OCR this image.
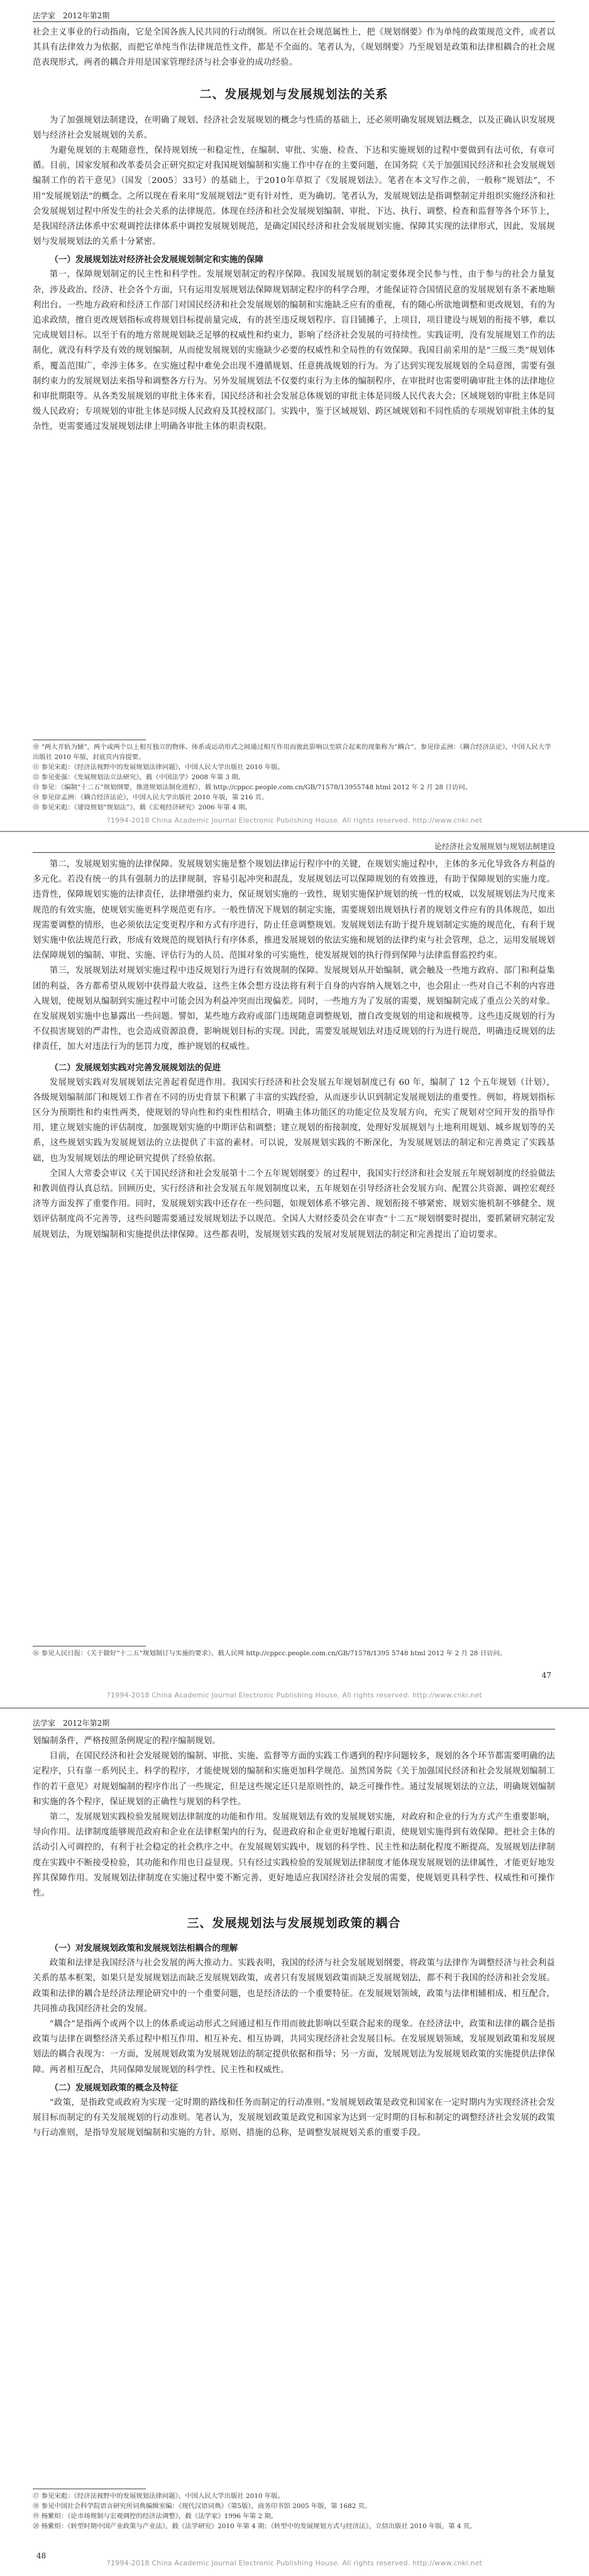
法学家　 2012年第2期

社会主义事业的行动指南，它是全国各族人民共同的行动纲领。所以在社会规范属性上，把《规划纲要》作为单纯的政策规范文件，或者以其具有法律效力为依据，而把它单纯当作法律规范性文件，都是不全面的。笔者认为，《规划纲要》乃至规划是政策和法律相耦合的社会规范表现形式，两者的耦合并用是国家管理经济与社会事业的成功经验。

二、发展规划与发展规划法的关系

为了加强规划法制建设，在明确了规划、经济社会发展规划的概念与性质的基础上，还必须明确发展规划法概念，以及正确认识发展规划与经济社会发展规划的关系。

为避免规划的主观随意性，保持规划统一和稳定性，在编制、审批、实施、检查、下达和实施规划的过程中要做到有法可依，有章可循。目前，国家发展和改革委员会正研究拟定对我国规划编制和实施工作中存在的主要问题，在国务院《关于加强国民经济和社会发展规划编制工作的若干意见》（国发〔2005〕33号）的基础上，于2010年草拟了《发展规划法》。笔者在本文写作之前，一般称“规划法”，不用“发展规划法”的概念。之所以现在看来用“发展规划法”更有针对性，更为确切。笔者认为，发展规划法是指调整制定并组织实施经济和社会发展规划过程中所发生的社会关系的法律规范。体现在经济和社会发展规划编制、审批、下达、执行、调整、检查和监督等各个环节上，是我国经济法体系中宏观调控法律体系中调控发展规划规范，是确定国民经济和社会发展规划实施、保障其实现的法律形式，因此，发展规划与发展规划法的关系十分紧密。

（一）发展规划法对经济社会发展规划制定和实施的保障

第一，保障规划制定的民主性和科学性。发展规划制定的程序保障。我国发展规划的制定要体现全民参与性，由于参与的社会力量复杂，涉及政治、经济、社会各个方面，只有运用发展规划法保障规划制定程序的科学合理，才能保证符合国情民意的发展规划有条不紊地顺利出台。一些地方政府和经济工作部门对国民经济和社会发展规划的编制和实施缺乏应有的重视，有的随心所欲地调整和更改规划，有的为追求政绩，擅自更改规划指标或将规划目标提前量完成，有的甚至违反规划程序、盲目铺摊子，上项目，项目建设与规划的衔接不够，难以完成规划目标。以至于有的地方常规规划缺乏足够的权威性和约束力，影响了经济社会发展的可持续性。实践证明，没有发展规划工作的法制化，就没有科学及有效的规划编制，从而使发展规划的实施缺少必要的权威性和全局性的有效保障。我国目前采用的是“三级三类”规划体系，覆盖范围广，牵涉主体多。在实施过程中难免会出现不遵循规划、任意挑战规划的行为。为了达到实现发展规划的全局意图，需要有强制约束力的发展规划法来指导和调整各方行为。另外发展规划法不仅要约束行为主体的编制程序，在审批时也需要明确审批主体的法律地位和审批期限等。从各类发展规划的审批主体来看，国民经济和社会发展总体规划的审批主体是同级人民代表大会；区域规划的审批主体是同级人民政府；专项规划的审批主体是同级人民政府及其授权部门。实践中，鉴于区域规划、跨区域规划和不同性质的专项规划审批主体的复杂性，更需要通过发展规划法律上明确各审批主体的职责权限。

⑩ “两大并轨为辅”，两个或两个以上相互独立的物体、体系或运动形式之间通过相互作用而彼此影响以至联合起来的现象称为“耦合”。参见徐孟洲：《耦合经济法论》，中国人民大学出版社 2010 年版，封底页内容提要。
⑪ 参见宋彪：《经济法视野中的发展规划法律问题》，中国人民大学出版社 2010 年版。
⑫ 参见张强：《发展规划法立法研究》，载《中国法学》2008 年第 3 期。
⑬ 参见：《编制“十二五”规划纲要，推进规划法制化进程》，载 http://cppcc.people.com.cn/GB/71578/13955748 html 2012 年 2 月 28 日访问。
⑭ 参见徐孟洲：《耦合经济法论》，中国人民大学出版社 2010 年版，第 216 页。
⑮ 参见宋彪：《建设规划“规划法”》，载《宏观经济研究》2006 年第 4 期。
?1994-2018 China Academic Journal Electronic Publishing House. All rights reserved. http://www.cnki.net
论经济社会发展规划与规划法制建设

第二，发展规划实施的法律保障。发展规划实施是整个规划法律运行程序中的关键，在规划实施过程中，主体的多元化导致各方利益的多元化。若没有统一的具有强制力的法律规制，容易引起冲突和混乱，发展规划法可以保障规划的有效推进，有助于保障规划的实施力度。违背性，保障规划实施的法律责任，法律增强约束力，保证规划实施的一致性，规划实施保护规划的统一性的权威，以发展规划法为尺度来规范的有效实施，使规划实施更科学规范更有序。一般性情况下规划的制定实施，需要规划出规划执行者的规划文件应有的具体规范，如出现需要调整的情形，也必须依法定变更程序和方式有序进行，防止任意调整规划。发展规划法有助于提升规划制定实施的规范化，有利于规划实施中依法规范行政，形成有效规范的规划执行有序体系，推进发展规划的依法实施和规划的法律约束与社会管理，总之，运用发展规划法保障规划的编制、审批、实施、评估行为的人员、范围对象的可实施性，使发展规划的执行得到保障与法律监督监控约束。

第三，发展规划法对规划实施过程中违反规划行为进行有效规制的保障。发展规划从开始编制，就会触及一些地方政府、部门和利益集团的利益，各方都希望从规划中获得最大收益，这些主体会想方设法将有利于自身的内容纳入规划之中，也会阻止一些对自己不利的内容进入规划，使规划从编制到实施过程中可能会因为利益冲突而出现偏差。同时，一些地方为了发展的需要，规划编制完成了重点公关的对象。在发展规划实施中也暴露出一些问题。譬如，某些地方政府或部门违规随意调整规划，擅自改变规划的用途和规模等。这些违反规划的行为不仅损害规划的严肃性，也会造成资源浪费，影响规划目标的实现。因此，需要发展规划法对违反规划的行为进行规范，明确违反规划的法律责任，加大对违法行为的惩罚力度，维护规划的权威性。

（二）发展规划实践对完善发展规划法的促进

发展规划实践对发展规划法完善起着促进作用。我国实行经济和社会发展五年规划制度已有 60 年，编制了 12 个五年规划（计划），各级规划编制部门和规划工作者在不同的历史背景下积累了丰富的实践经验，从而逐步认识到制定发展规划法的重要性。例如，将规划指标区分为预期性和约束性两类，使规划的导向性和约束性相结合，明确主体功能区的功能定位及发展方向，充实了规划对空间开发的指导作用，建立规划实施的评估制度，加强规划实施的中期评估和调整；建立规划的衔接制度，处理好发展规划与土地利用规划、城乡规划等的关系，这些规划实践为发展规划法的立法提供了丰富的素材。可以说，发展规划实践的不断深化，为发展规划法的制定和完善奠定了实践基础，也为发展规划法的理论研究提供了经验依据。

全国人大常委会审议《关于国民经济和社会发展第十二个五年规划纲要》的过程中，我国实行经济和社会发展五年规划制度的经验做法和教训值得认真总结。回顾历史，实行经济和社会发展五年规划制度以来，五年规划在引导经济社会发展方向、配置公共资源、调控宏观经济等方面发挥了重要作用。同时，发展规划实践中还存在一些问题，如规划体系不够完善、规划衔接不够紧密、规划实施机制不够健全、规划评估制度尚不完善等，这些问题需要通过发展规划法予以规范。全国人大财经委员会在审查“十二五”规划纲要时提出，要抓紧研究制定发展规划法，为规划编制和实施提供法律保障。这些都表明，发展规划实践的发展对发展规划法的制定和完善提出了迫切要求。

⑯ 参见人民日报：《关于做好“十二五”规划制订与实施的要求》，载人民网 http://cppcc.people.com.cn/GB/71578/1395 5748 html 2012 年 2 月 28 日访问。
47
?1994-2018 China Academic Journal Electronic Publishing House. All rights reserved. http://www.cnki.net
法学家　 2012年第2期

划编制条件，严格按照条例规定的程序编制规划。

目前，在国民经济和社会发展规划的编制、审批、实施、监督等方面的实践工作遇到的程序问题较多，规划的各个环节都需要明确的法定程序，只有靠一系列民主、科学的程序，才能使规划的编制和实施更加科学规范。虽然国务院《关于加强国民经济和社会发展规划编制工作的若干意见》对规划编制的程序作出了一些规定，但是这些规定还只是原则性的，缺乏可操作性。通过发展规划法的立法，明确规划编制和实施的各个程序，保证规划的正确性与规划的科学性。

第二，发展规划实践检验发展规划法律制度的功能和作用。发展规划法有效的发展规划实施，对政府和企业的行为方式产生重要影响，导向作用。法律制度能够规范政府和企业在法律框架内的行为，促进政府和企业更好地履行职责，使规划实施得到有效保障。把社会主体的活动引入可调控的，有利于社会稳定的社会秩序之中。在发展规划实践中，规划的科学性、民主性和法制化程度不断提高，发展规划法律制度在实践中不断接受检验，其功能和作用也日益显现。只有经过实践检验的发展规划法律制度才能体现发展规划的法律属性，才能更好地发挥其保障作用。发展规划法律制度在实施过程中要不断完善，更好地适应我国经济社会发展的需要，使规划更具科学性、权威性和可操作性。

三、发展规划法与发展规划政策的耦合
（一）对发展规划政策和发展规划法相耦合的理解

政策和法律是我国经济与社会发展的两大推动力。实践表明，我国的经济与社会发展规划纲要，将政策与法律作为调整经济与社会利益关系的基本框架，如果只是发展规划法而缺乏发展规划政策，或者只有发展规划政策而缺乏发展规划法，都不利于我国的经济和社会发展。政策和法律的耦合是经济法理论研究中的一个重要问题，也是经济法的一个重要特征。在发展规划领域，政策与法律相辅相成、相互配合，共同推动我国经济社会的发展。

“耦合”是指两个或两个以上的体系或运动形式之间通过相互作用而彼此影响以至联合起来的现象。在经济法中，政策和法律的耦合是指政策与法律在调整经济关系过程中相互作用、相互补充、相互协调，共同实现经济社会发展目标。在发展规划领域，发展规划政策和发展规划法的耦合表现为：一方面，发展规划政策为发展规划法的制定提供依据和指导；另一方面，发展规划法为发展规划政策的实施提供法律保障。两者相互配合，共同保障发展规划的科学性、民主性和权威性。

（二）发展规划政策的概念及特征

“政策，是指政党或政府为实现一定时期的路线和任务而制定的行动准则。”发展规划政策是政党和国家在一定时期内为实现经济社会发展目标而制定的有关发展规划的行动准则。笔者认为，发展规划政策是政党和国家为达到一定时期的目标和制定的调整经济社会发展的政策与行动准则，是指导发展规划编制和实施的方针、原则、措施的总称，是调整发展规划关系的重要手段。

⑰ 参见宋彪：《经济法视野中的发展规划法律问题》，中国人民大学出版社 2010 年版。
⑱ 参见中国社会科学院语言研究所词典编辑室编：《现代汉语词典》（第5版），商务印书馆 2005 年版，第 1682 页。
⑲ 杨紫烜：《论市场规制与宏观调控的经济法调整》，载《法学家》1996 年第 2 期。
⑳ 杨紫烜：《转型时期中国产业政策与产业法》，载《法学研究》2010 年第 4 期；《转型中的发展规划方式与经济法》，立信出版社 2010 年版，第 4 页。
48
?1994-2018 China Academic Journal Electronic Publishing House. All rights reserved. http://www.cnki.net
